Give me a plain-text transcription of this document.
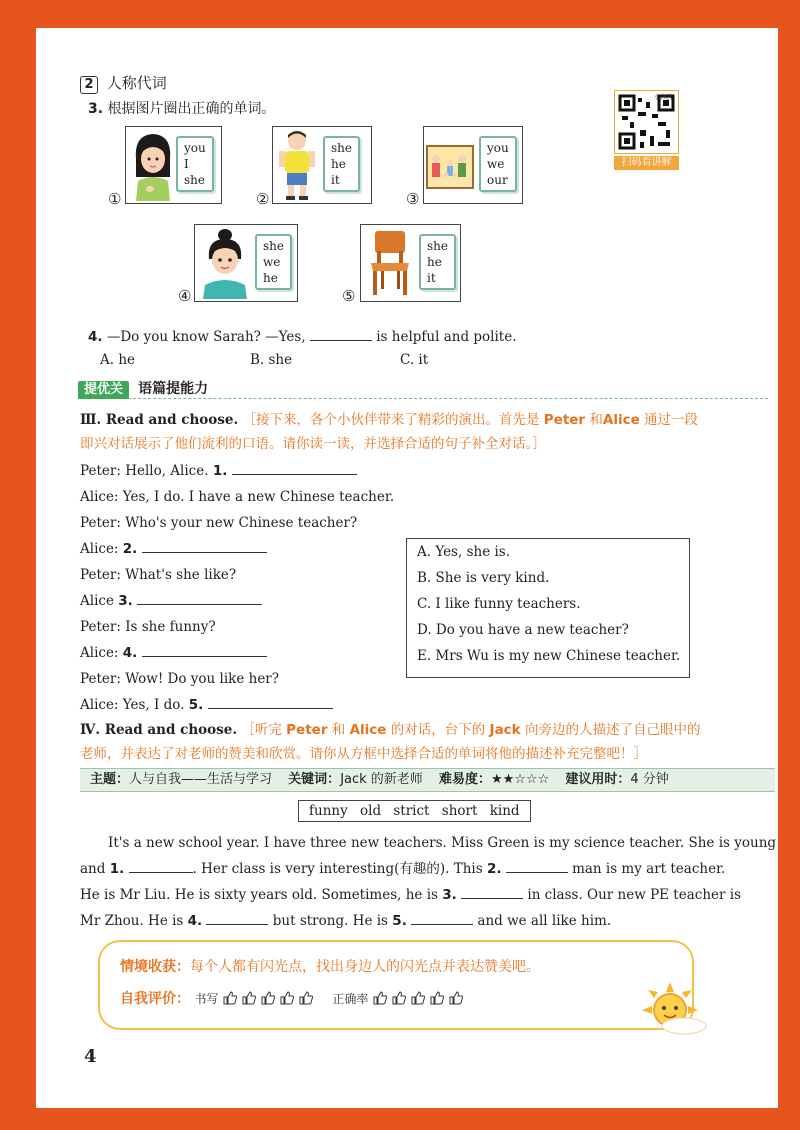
2 人称代词
3. 根据图片圈出正确的单词。
小白鸥
扫码看讲解
you
I
she
①
she
he
it
②
you
we
our
③
she
we
he
④
she
he
it
⑤
4. —Do you know Sarah? —Yes,	is helpful and polite.
A. he	B. she	C. it
提优关 语篇提能力
Ⅲ. Read and choose. ［接下来，各个小伙伴带来了精彩的演出。首先是 Peter 和Alice 通过一段
即兴对话展示了他们流利的口语。请你读一读，并选择合适的句子补全对话。］
Peter: Hello, Alice. 1.
Alice: Yes, I do. I have a new Chinese teacher.
Peter: Who's your new Chinese teacher?
Alice: 2.
Peter: What's she like?
Alice 3.
Peter: Is she funny?
Alice: 4.
Peter: Wow! Do you like her?
Alice: Yes, I do. 5.
A. Yes, she is.
B. She is very kind.
C. I like funny teachers.
D. Do you have a new teacher?
E. Mrs Wu is my new Chinese teacher.
Ⅳ. Read and choose. ［听完 Peter 和 Alice 的对话，台下的 Jack 向旁边的人描述了自己眼中的
老师，并表达了对老师的赞美和欣赏。请你从方框中选择合适的单词将他的描述补充完整吧！］
主题：人与自我——生活与学习 关键词：Jack 的新老师 难易度：★★☆☆☆ 建议用时：4 分钟
funny old strict short kind
It's a new school year. I have three new teachers. Miss Green is my science teacher. She is young
and 1.	. Her class is very interesting(有趣的). This 2.	man is my art teacher.
He is Mr Liu. He is sixty years old. Sometimes, he is 3.	in class. Our new PE teacher is
Mr Zhou. He is 4.	but strong. He is 5.	and we all like him.
情境收获：每个人都有闪光点，找出身边人的闪光点并表达赞美吧。
自我评价： 书写	正确率
4
